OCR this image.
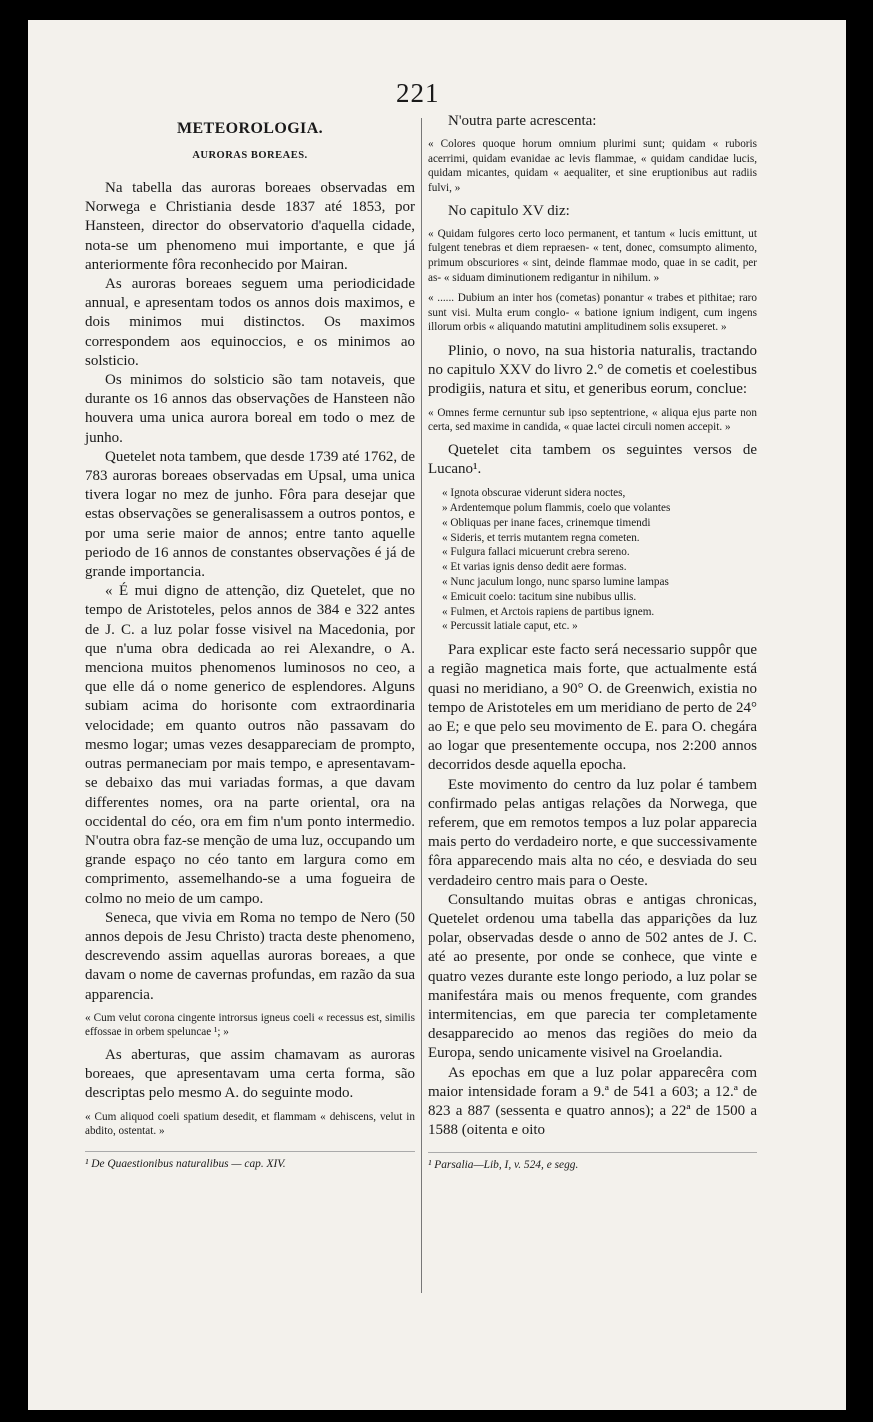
221
METEOROLOGIA.
AURORAS BOREAES.

Na tabella das auroras boreaes observadas em Norwega e Christiania desde 1837 até 1853, por Hansteen, director do observatorio d'aquella cidade, nota-se um phenomeno mui importante, e que já anteriormente fôra reconhecido por Mairan.

As auroras boreaes seguem uma periodicidade annual, e apresentam todos os annos dois maximos, e dois minimos mui distinctos. Os maximos correspondem aos equinoccios, e os minimos ao solsticio.

Os minimos do solsticio são tam notaveis, que durante os 16 annos das observações de Hansteen não houvera uma unica aurora boreal em todo o mez de junho.

Quetelet nota tambem, que desde 1739 até 1762, de 783 auroras boreaes observadas em Upsal, uma unica tivera logar no mez de junho. Fôra para desejar que estas observações se generalisassem a outros pontos, e por uma serie maior de annos; entre tanto aquelle periodo de 16 annos de constantes observações é já de grande importancia.

« É mui digno de attenção, diz Quetelet, que no tempo de Aristoteles, pelos annos de 384 e 322 antes de J. C. a luz polar fosse visivel na Macedonia, por que n'uma obra dedicada ao rei Alexandre, o A. menciona muitos phenomenos luminosos no ceo, a que elle dá o nome generico de esplendores. Alguns subiam acima do horisonte com extraordinaria velocidade; em quanto outros não passavam do mesmo logar; umas vezes desappareciam de prompto, outras permaneciam por mais tempo, e apresentavam-se debaixo das mui variadas formas, a que davam differentes nomes, ora na parte oriental, ora na occidental do céo, ora em fim n'um ponto intermedio. N'outra obra faz-se menção de uma luz, occupando um grande espaço no céo tanto em largura como em comprimento, assemelhando-se a uma fogueira de colmo no meio de um campo.

Seneca, que vivia em Roma no tempo de Nero (50 annos depois de Jesu Christo) tracta deste phenomeno, descrevendo assim aquellas auroras boreaes, a que davam o nome de cavernas profundas, em razão da sua apparencia.

« Cum velut corona cingente introrsus igneus coeli « recessus est, similis effossae in orbem speluncae ¹; »

As aberturas, que assim chamavam as auroras boreaes, que apresentavam uma certa forma, são descriptas pelo mesmo A. do seguinte modo.

« Cum aliquod coeli spatium desedit, et flammam « dehiscens, velut in abdito, ostentat. »

¹ De Quaestionibus naturalibus — cap. XIV.

N'outra parte acrescenta:

« Colores quoque horum omnium plurimi sunt; quidam « ruboris acerrimi, quidam evanidae ac levis flammae, « quidam candidae lucis, quidam micantes, quidam « aequaliter, et sine eruptionibus aut radiis fulvi, »

No capitulo XV diz:

« Quidam fulgores certo loco permanent, et tantum « lucis emittunt, ut fulgent tenebras et diem repraesen- « tent, donec, comsumpto alimento, primum obscuriores « sint, deinde flammae modo, quae in se cadit, per as- « siduam diminutionem redigantur in nihilum. »

« ...... Dubium an inter hos (cometas) ponantur « trabes et pithitae; raro sunt visi. Multa erum conglo- « batione ignium indigent, cum ingens illorum orbis « aliquando matutini amplitudinem solis exsuperet. »

Plinio, o novo, na sua historia naturalis, tractando no capitulo XXV do livro 2.° de cometis et coelestibus prodigiis, natura et situ, et generibus eorum, conclue:

« Omnes ferme cernuntur sub ipso septentrione, « aliqua ejus parte non certa, sed maxime in candida, « quae lactei circuli nomen accepit. »

Quetelet cita tambem os seguintes versos de Lucano¹.

« Ignota obscurae viderunt sidera noctes,
» Ardentemque polum flammis, coelo que volantes
« Obliquas per inane faces, crinemque timendi
« Sideris, et terris mutantem regna cometen.
« Fulgura fallaci micuerunt crebra sereno.
« Et varias ignis denso dedit aere formas.
« Nunc jaculum longo, nunc sparso lumine lampas
« Emicuit coelo: tacitum sine nubibus ullis.
« Fulmen, et Arctois rapiens de partibus ignem.
« Percussit latiale caput, etc. »

Para explicar este facto será necessario suppôr que a região magnetica mais forte, que actualmente está quasi no meridiano, a 90° O. de Greenwich, existia no tempo de Aristoteles em um meridiano de perto de 24° ao E; e que pelo seu movimento de E. para O. chegára ao logar que presentemente occupa, nos 2:200 annos decorridos desde aquella epocha.

Este movimento do centro da luz polar é tambem confirmado pelas antigas relações da Norwega, que referem, que em remotos tempos a luz polar apparecia mais perto do verdadeiro norte, e que successivamente fôra apparecendo mais alta no céo, e desviada do seu verdadeiro centro mais para o Oeste.

Consultando muitas obras e antigas chronicas, Quetelet ordenou uma tabella das apparições da luz polar, observadas desde o anno de 502 antes de J. C. até ao presente, por onde se conhece, que vinte e quatro vezes durante este longo periodo, a luz polar se manifestára mais ou menos frequente, com grandes intermitencias, em que parecia ter completamente desapparecido ao menos das regiões do meio da Europa, sendo unicamente visivel na Groelandia.

As epochas em que a luz polar apparecêra com maior intensidade foram a 9.ª de 541 a 603; a 12.ª de 823 a 887 (sessenta e quatro annos); a 22ª de 1500 a 1588 (oitenta e oito

¹ Parsalia—Lib, I, v. 524, e segg.
